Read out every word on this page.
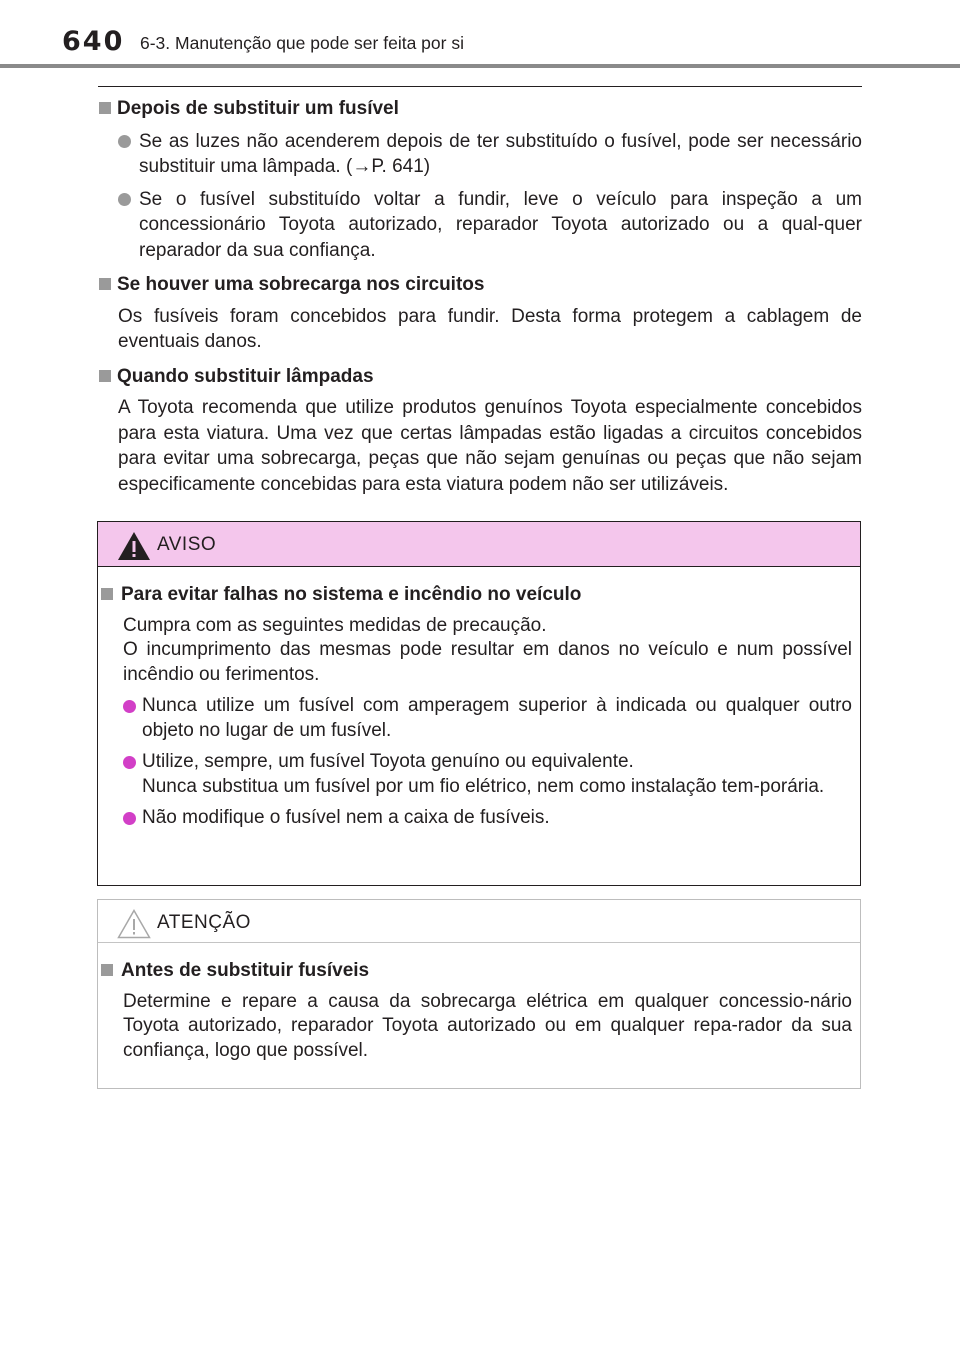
640 6-3. Manutenção que pode ser feita por si
Depois de substituir um fusível
Se as luzes não acenderem depois de ter substituído o fusível, pode ser necessário substituir uma lâmpada. (→P. 641)
Se o fusível substituído voltar a fundir, leve o veículo para inspeção a um concessionário Toyota autorizado, reparador Toyota autorizado ou a qual-quer reparador da sua confiança.
Se houver uma sobrecarga nos circuitos
Os fusíveis foram concebidos para fundir. Desta forma protegem a cablagem de eventuais danos.
Quando substituir lâmpadas
A Toyota recomenda que utilize produtos genuínos Toyota especialmente concebidos para esta viatura. Uma vez que certas lâmpadas estão ligadas a circuitos concebidos para evitar uma sobrecarga, peças que não sejam genuínas ou peças que não sejam especificamente concebidas para esta viatura podem não ser utilizáveis.
AVISO
Para evitar falhas no sistema e incêndio no veículo
Cumpra com as seguintes medidas de precaução.
O incumprimento das mesmas pode resultar em danos no veículo e num possível incêndio ou ferimentos.
Nunca utilize um fusível com amperagem superior à indicada ou qualquer outro objeto no lugar de um fusível.
Utilize, sempre, um fusível Toyota genuíno ou equivalente.
Nunca substitua um fusível por um fio elétrico, nem como instalação tem-porária.
Não modifique o fusível nem a caixa de fusíveis.
ATENÇÃO
Antes de substituir fusíveis
Determine e repare a causa da sobrecarga elétrica em qualquer concessio-nário Toyota autorizado, reparador Toyota autorizado ou em qualquer repa-rador da sua confiança, logo que possível.
